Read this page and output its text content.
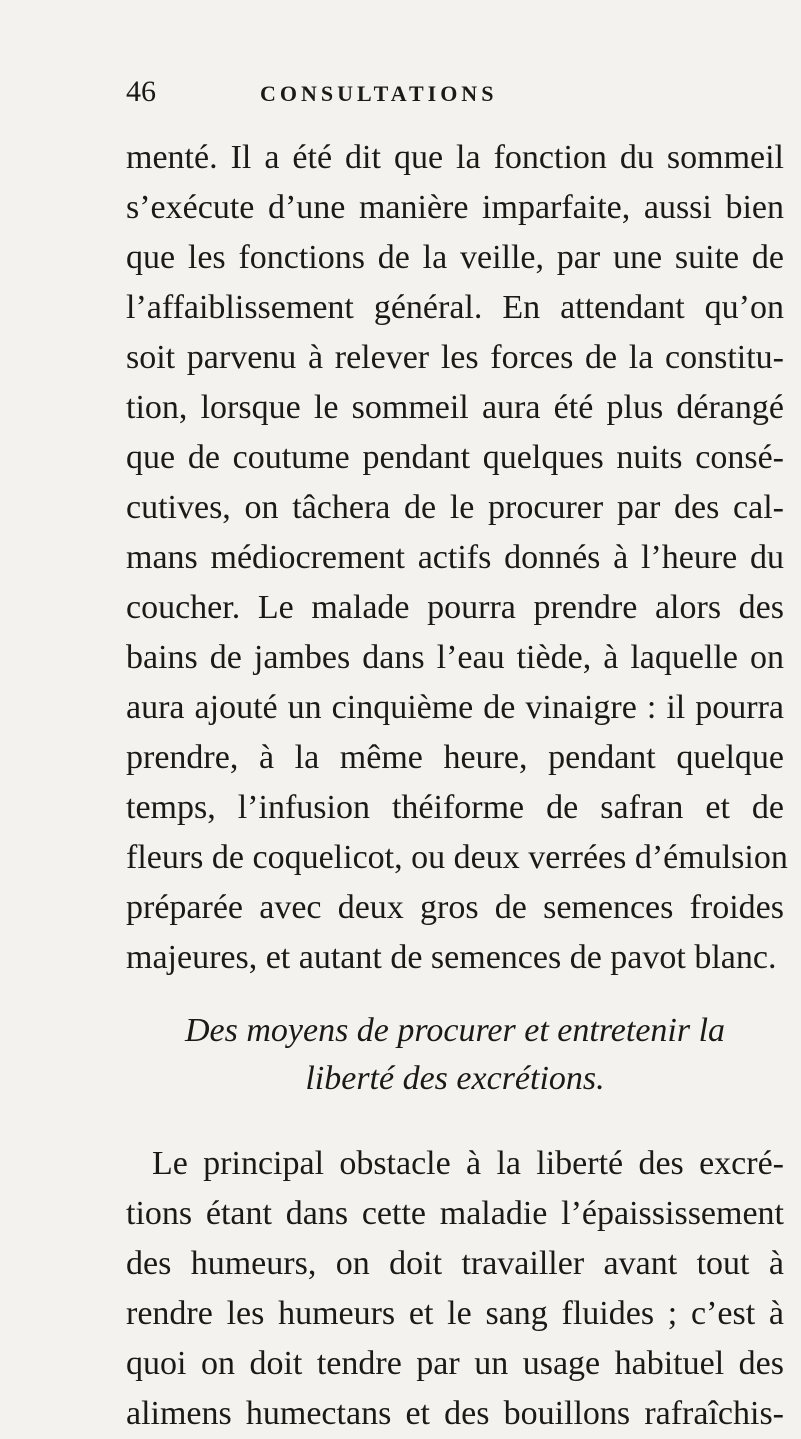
46	CONSULTATIONS
menté. Il a été dit que la fonction du sommeil
s’exécute d’une manière imparfaite, aussi bien
que les fonctions de la veille, par une suite de
l’affaiblissement général. En attendant qu’on
soit parvenu à relever les forces de la constitu-
tion, lorsque le sommeil aura été plus dérangé
que de coutume pendant quelques nuits consé-
cutives, on tâchera de le procurer par des cal-
mans médiocrement actifs donnés à l’heure du
coucher. Le malade pourra prendre alors des
bains de jambes dans l’eau tiède, à laquelle on
aura ajouté un cinquième de vinaigre : il pourra
prendre, à la même heure, pendant quelque
temps, l’infusion théiforme de safran et de
fleurs de coquelicot, ou deux verrées d’émulsion
préparée avec deux gros de semences froides
majeures, et autant de semences de pavot blanc.
Des moyens de procurer et entretenir la
liberté des excrétions.
Le principal obstacle à la liberté des excré-
tions étant dans cette maladie l’épaississement
des humeurs, on doit travailler avant tout à
rendre les humeurs et le sang fluides ; c’est à
quoi on doit tendre par un usage habituel des
alimens humectans et des bouillons rafraîchis-
